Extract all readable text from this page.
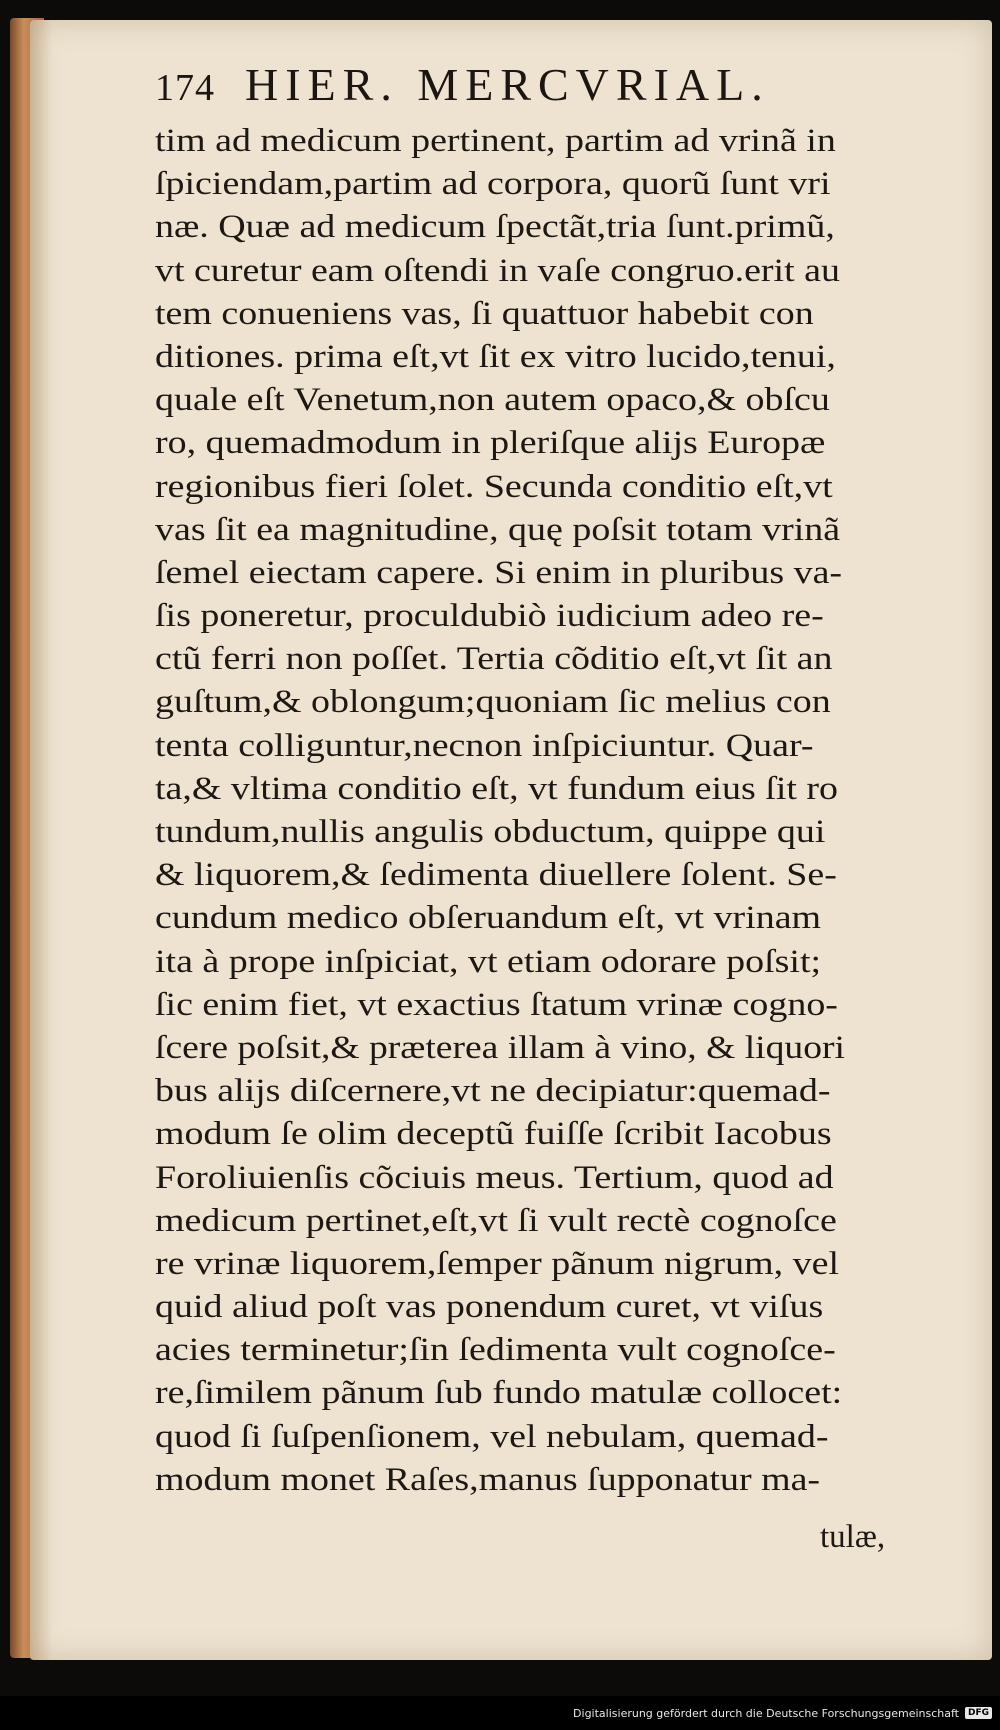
174 HIER. MERCVRIAL.
tim ad medicum pertinent, partim ad vrinã in
ſpiciendam,partim ad corpora, quorũ ſunt vri
næ. Quæ ad medicum ſpectãt,tria ſunt.primũ,
vt curetur eam oſtendi in vaſe congruo.erit au
tem conueniens vas, ſi quattuor habebit con
ditiones. prima eſt,vt ſit ex vitro lucido,tenui,
quale eſt Venetum,non autem opaco,& obſcu
ro, quemadmodum in pleriſque alijs Europæ
regionibus fieri ſolet. Secunda conditio eſt,vt
vas ſit ea magnitudine, quę poſsit totam vrinã
ſemel eiectam capere. Si enim in pluribus va-
ſis poneretur, proculdubiò iudicium adeo re-
ctũ ferri non poſſet. Tertia cõditio eſt,vt ſit an
guſtum,& oblongum;quoniam ſic melius con
tenta colliguntur,necnon inſpiciuntur. Quar-
ta,& vltima conditio eſt, vt fundum eius ſit ro
tundum,nullis angulis obductum, quippe qui
& liquorem,& ſedimenta diuellere ſolent. Se-
cundum medico obſeruandum eſt, vt vrinam
ita à prope inſpiciat, vt etiam odorare poſsit;
ſic enim fiet, vt exactius ſtatum vrinæ cogno-
ſcere poſsit,& præterea illam à vino, & liquori
bus alijs diſcernere,vt ne decipiatur:quemad-
modum ſe olim deceptũ fuiſſe ſcribit Iacobus
Foroliuienſis cõciuis meus. Tertium, quod ad
medicum pertinet,eſt,vt ſi vult rectè cognoſce
re vrinæ liquorem,ſemper pãnum nigrum, vel
quid aliud poſt vas ponendum curet, vt viſus
acies terminetur;ſin ſedimenta vult cognoſce-
re,ſimilem pãnum ſub fundo matulæ collocet:
quod ſi ſuſpenſionem, vel nebulam, quemad-
modum monet Raſes,manus ſupponatur ma-
tulæ,
Digitalisierung gefördert durch die Deutsche Forschungsgemeinschaft	DFG
